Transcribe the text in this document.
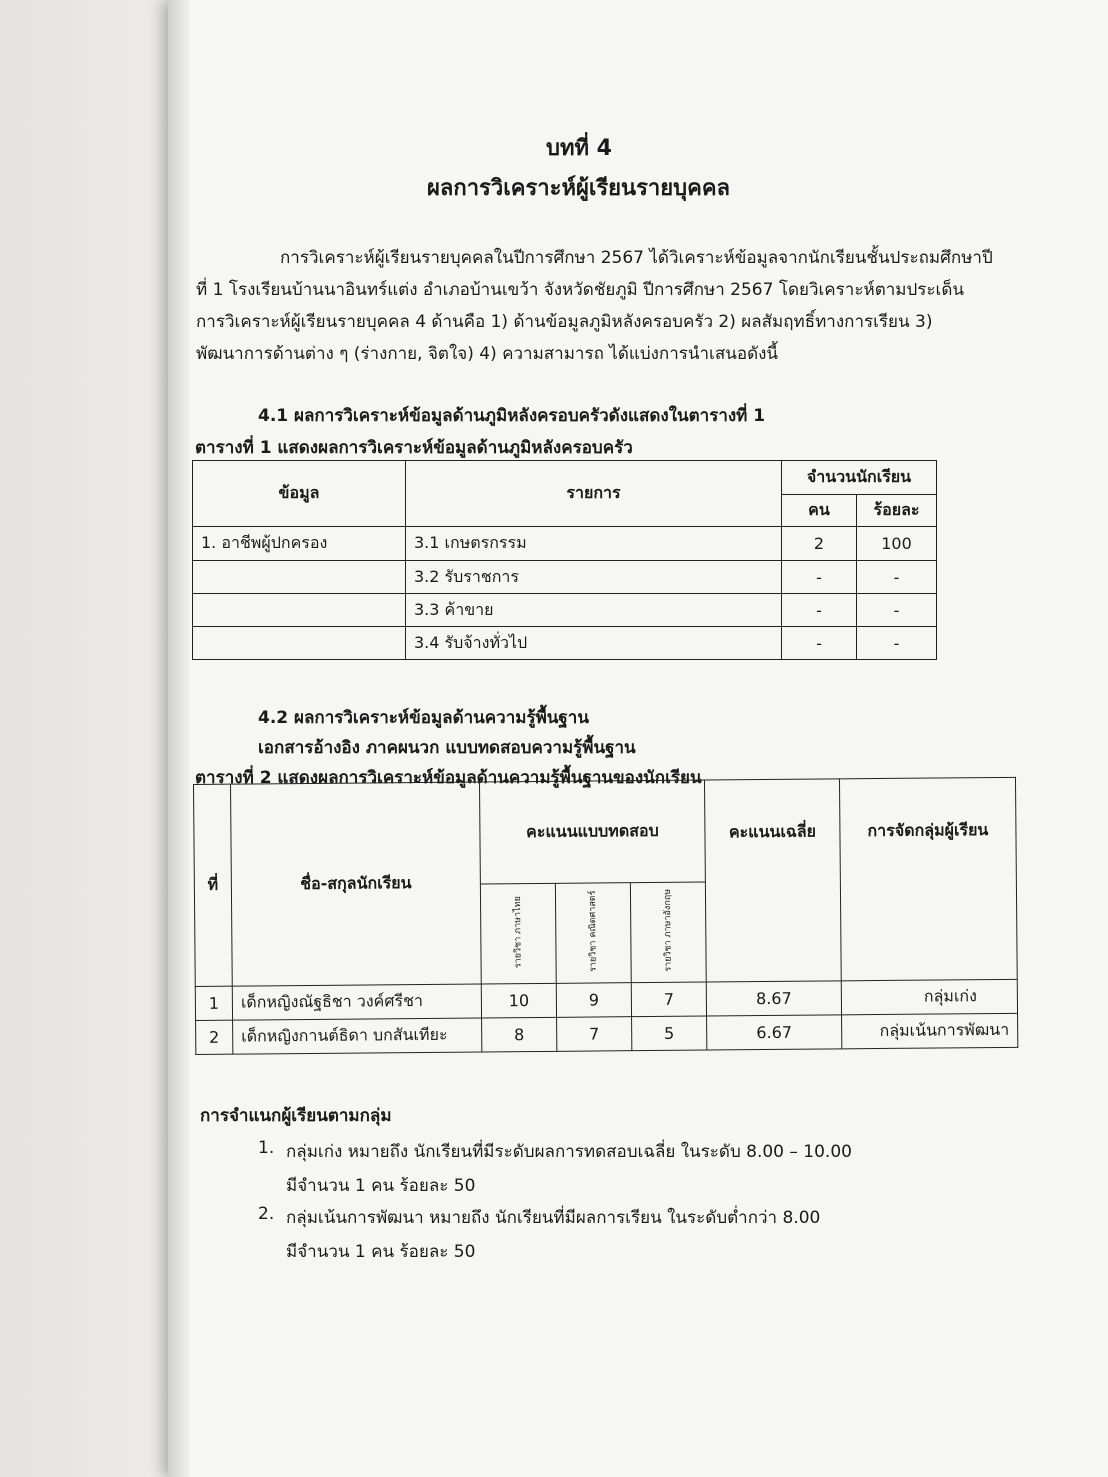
บทที่ 4
ผลการวิเคราะห์ผู้เรียนรายบุคคล
การวิเคราะห์ผู้เรียนรายบุคคลในปีการศึกษา 2567 ได้วิเคราะห์ข้อมูลจากนักเรียนชั้นประถมศึกษาปี
ที่ 1 โรงเรียนบ้านนาอินทร์แต่ง อำเภอบ้านเขว้า จังหวัดชัยภูมิ ปีการศึกษา 2567 โดยวิเคราะห์ตามประเด็น
การวิเคราะห์ผู้เรียนรายบุคคล 4 ด้านคือ 1) ด้านข้อมูลภูมิหลังครอบครัว 2) ผลสัมฤทธิ์ทางการเรียน 3)
พัฒนาการด้านต่าง ๆ (ร่างกาย, จิตใจ) 4) ความสามารถ ได้แบ่งการนำเสนอดังนี้
4.1 ผลการวิเคราะห์ข้อมูลด้านภูมิหลังครอบครัวดังแสดงในตารางที่ 1
ตารางที่ 1 แสดงผลการวิเคราะห์ข้อมูลด้านภูมิหลังครอบครัว
ข้อมูล	รายการ	จำนวนนักเรียน	
		คน	ร้อยละ
1. อาชีพผู้ปกครอง	3.1 เกษตรกรรม	2	100
	3.2 รับราชการ	-	-
	3.3 ค้าขาย	-	-
	3.4 รับจ้างทั่วไป	-	-
4.2 ผลการวิเคราะห์ข้อมูลด้านความรู้พื้นฐาน
เอกสารอ้างอิง ภาคผนวก แบบทดสอบความรู้พื้นฐาน
ตารางที่ 2 แสดงผลการวิเคราะห์ข้อมูลด้านความรู้พื้นฐานของนักเรียน
ที่	ชื่อ-สกุลนักเรียน	คะแนนแบบทดสอบ			คะแนนเฉลี่ย	การจัดกลุ่มผู้เรียน
		รายวิชา ภาษาไทย	รายวิชา คณิตศาสตร์	รายวิชา ภาษาอังกฤษ		
1	เด็กหญิงณัฐธิชา วงค์ศรีชา	10	9	7	8.67	กลุ่มเก่ง
2	เด็กหญิงกานต์ธิดา บกสันเทียะ	8	7	5	6.67	กลุ่มเน้นการพัฒนา
การจำแนกผู้เรียนตามกลุ่ม
1. กลุ่มเก่ง หมายถึง นักเรียนที่มีระดับผลการทดสอบเฉลี่ย ในระดับ 8.00 – 10.00
มีจำนวน 1 คน ร้อยละ 50
2. กลุ่มเน้นการพัฒนา หมายถึง นักเรียนที่มีผลการเรียน ในระดับต่ำกว่า 8.00
มีจำนวน 1 คน ร้อยละ 50
